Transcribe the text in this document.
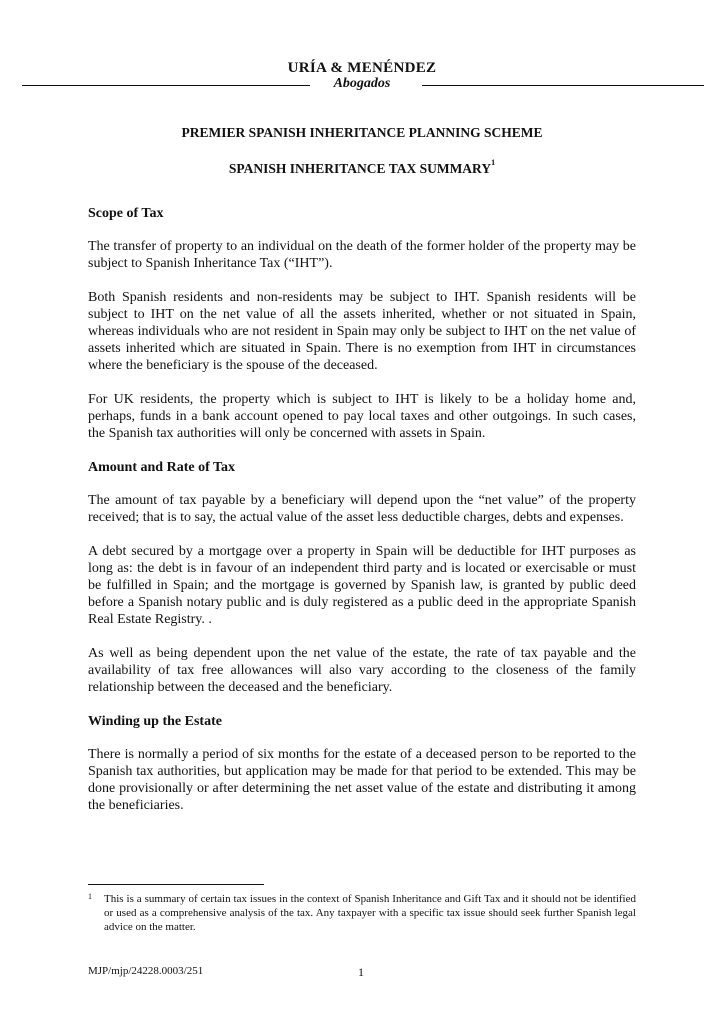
URÍA & MENÉNDEZ
Abogados
PREMIER SPANISH INHERITANCE PLANNING SCHEME
SPANISH INHERITANCE TAX SUMMARY$^1$
Scope of Tax

The transfer of property to an individual on the death of the former holder of the property may be subject to Spanish Inheritance Tax (“IHT”).

Both Spanish residents and non-residents may be subject to IHT. Spanish residents will be subject to IHT on the net value of all the assets inherited, whether or not situated in Spain, whereas individuals who are not resident in Spain may only be subject to IHT on the net value of assets inherited which are situated in Spain. There is no exemption from IHT in circumstances where the beneficiary is the spouse of the deceased.

For UK residents, the property which is subject to IHT is likely to be a holiday home and, perhaps, funds in a bank account opened to pay local taxes and other outgoings. In such cases, the Spanish tax authorities will only be concerned with assets in Spain.

Amount and Rate of Tax

The amount of tax payable by a beneficiary will depend upon the “net value” of the property received; that is to say, the actual value of the asset less deductible charges, debts and expenses.

A debt secured by a mortgage over a property in Spain will be deductible for IHT purposes as long as: the debt is in favour of an independent third party and is located or exercisable or must be fulfilled in Spain; and the mortgage is governed by Spanish law, is granted by public deed before a Spanish notary public and is duly registered as a public deed in the appropriate Spanish Real Estate Registry. .

As well as being dependent upon the net value of the estate, the rate of tax payable and the availability of tax free allowances will also vary according to the closeness of the family relationship between the deceased and the beneficiary.

Winding up the Estate

There is normally a period of six months for the estate of a deceased person to be reported to the Spanish tax authorities, but application may be made for that period to be extended. This may be done provisionally or after determining the net asset value of the estate and distributing it among the beneficiaries.

1 This is a summary of certain tax issues in the context of Spanish Inheritance and Gift Tax and it should not be identified or used as a comprehensive analysis of the tax. Any taxpayer with a specific tax issue should seek further Spanish legal advice on the matter.
MJP/mjp/24228.0003/251	1
